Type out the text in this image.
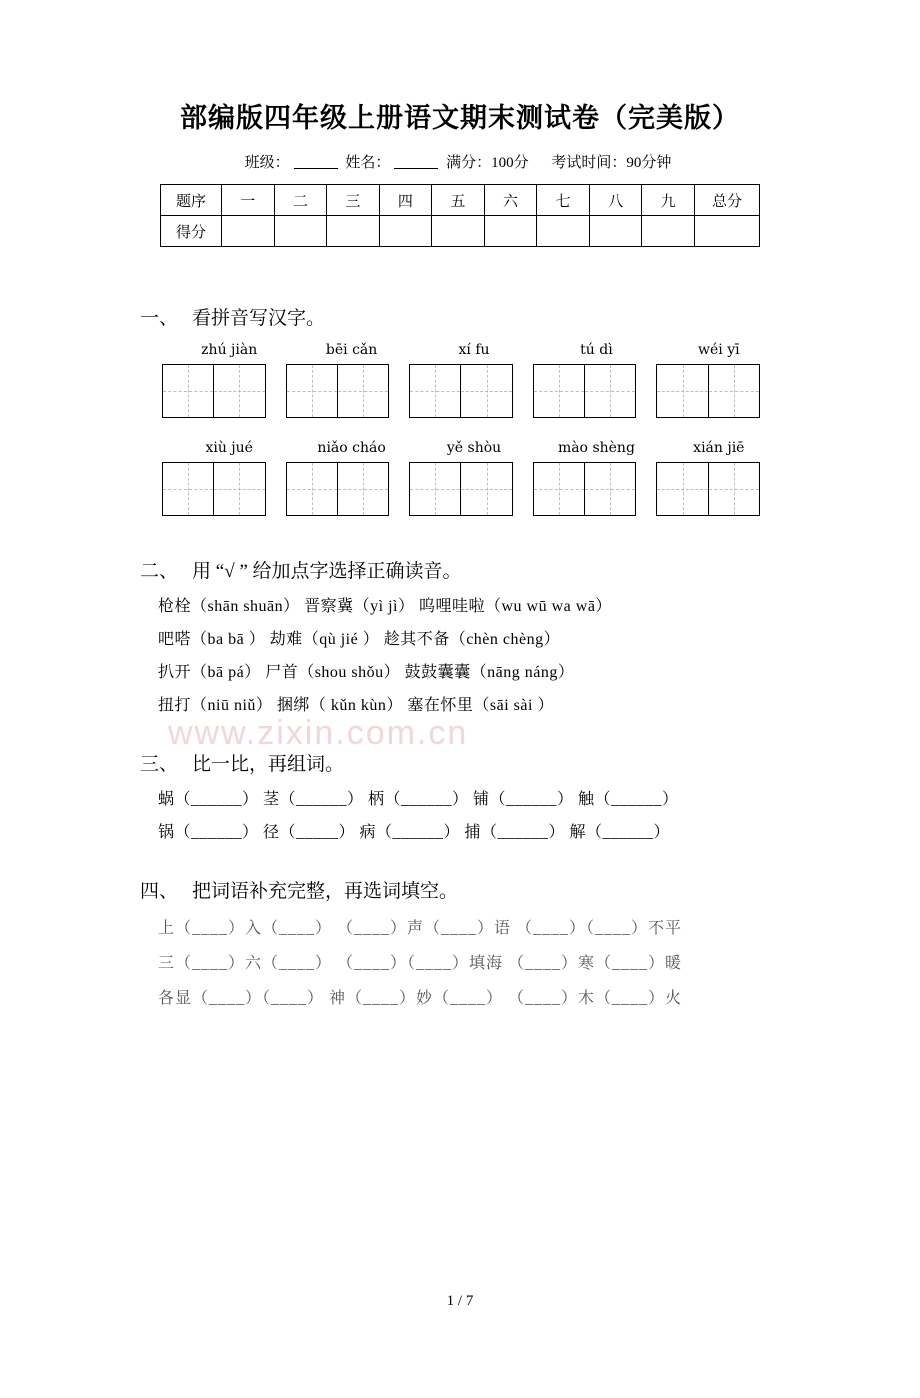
部编版四年级上册语文期末测试卷（完美版）
班级：	姓名：	满分：100分 考试时间：90分钟
题序	一	二	三	四	五	六	七	八	九	总分
得分										
一、 看拼音写汉字。
zhú jiàn	bēi cǎn	xí fu	tú dì	wéi yī
xiù jué	niǎo cháo	yě shòu	mào shèng	xián jiē
二、 用 “√ ” 给加点字选择正确读音。
枪栓（shān shuān） 晋察冀（yì jì） 呜哩哇啦（wu wū wa wā）
吧嗒（ba bā ） 劫难（qù jié ） 趁其不备（chèn chèng）
扒开（bā pá） 尸首（shou shǒu） 鼓鼓囊囊（nāng náng）
扭打（niū niǔ） 捆绑（ kǔn kùn） 塞在怀里（sāi sài ）
三、 比一比，再组词。
蜗（______） 茎（______） 柄（______） 铺（______） 触（______）
锅（______） 径（_____） 病（______） 捕（______） 解（______）
四、 把词语补充完整，再选词填空。
上（____）入（____） （____）声（____）语 （____）（____）不平
三（____）六（____） （____）（____）填海 （____）寒（____）暖
各显（____）（____） 神（____）妙（____） （____）木（____）火
www.zixin.com.cn
1 / 7
